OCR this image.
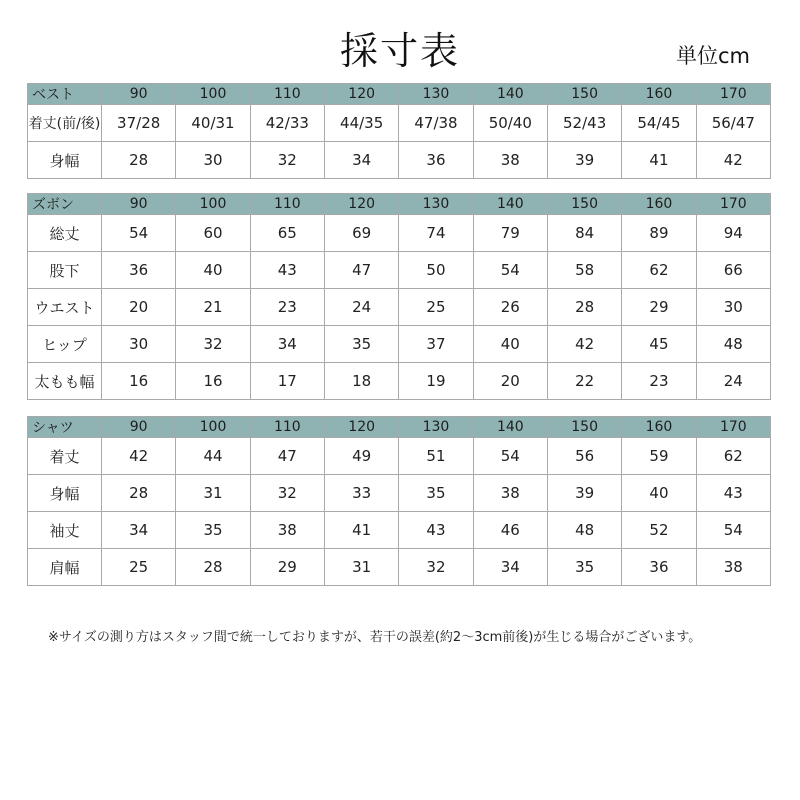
採寸表	単位cm
ベスト	90	100	110	120	130	140	150	160	170
着丈(前/後)	37/28	40/31	42/33	44/35	47/38	50/40	52/43	54/45	56/47
身幅	28	30	32	34	36	38	39	41	42
ズボン	90	100	110	120	130	140	150	160	170
総丈	54	60	65	69	74	79	84	89	94
股下	36	40	43	47	50	54	58	62	66
ウエスト	20	21	23	24	25	26	28	29	30
ヒップ	30	32	34	35	37	40	42	45	48
太もも幅	16	16	17	18	19	20	22	23	24
シャツ	90	100	110	120	130	140	150	160	170
着丈	42	44	47	49	51	54	56	59	62
身幅	28	31	32	33	35	38	39	40	43
袖丈	34	35	38	41	43	46	48	52	54
肩幅	25	28	29	31	32	34	35	36	38
※サイズの測り方はスタッフ間で統一しておりますが、若干の誤差(約2～3cm前後)が生じる場合がございます。
